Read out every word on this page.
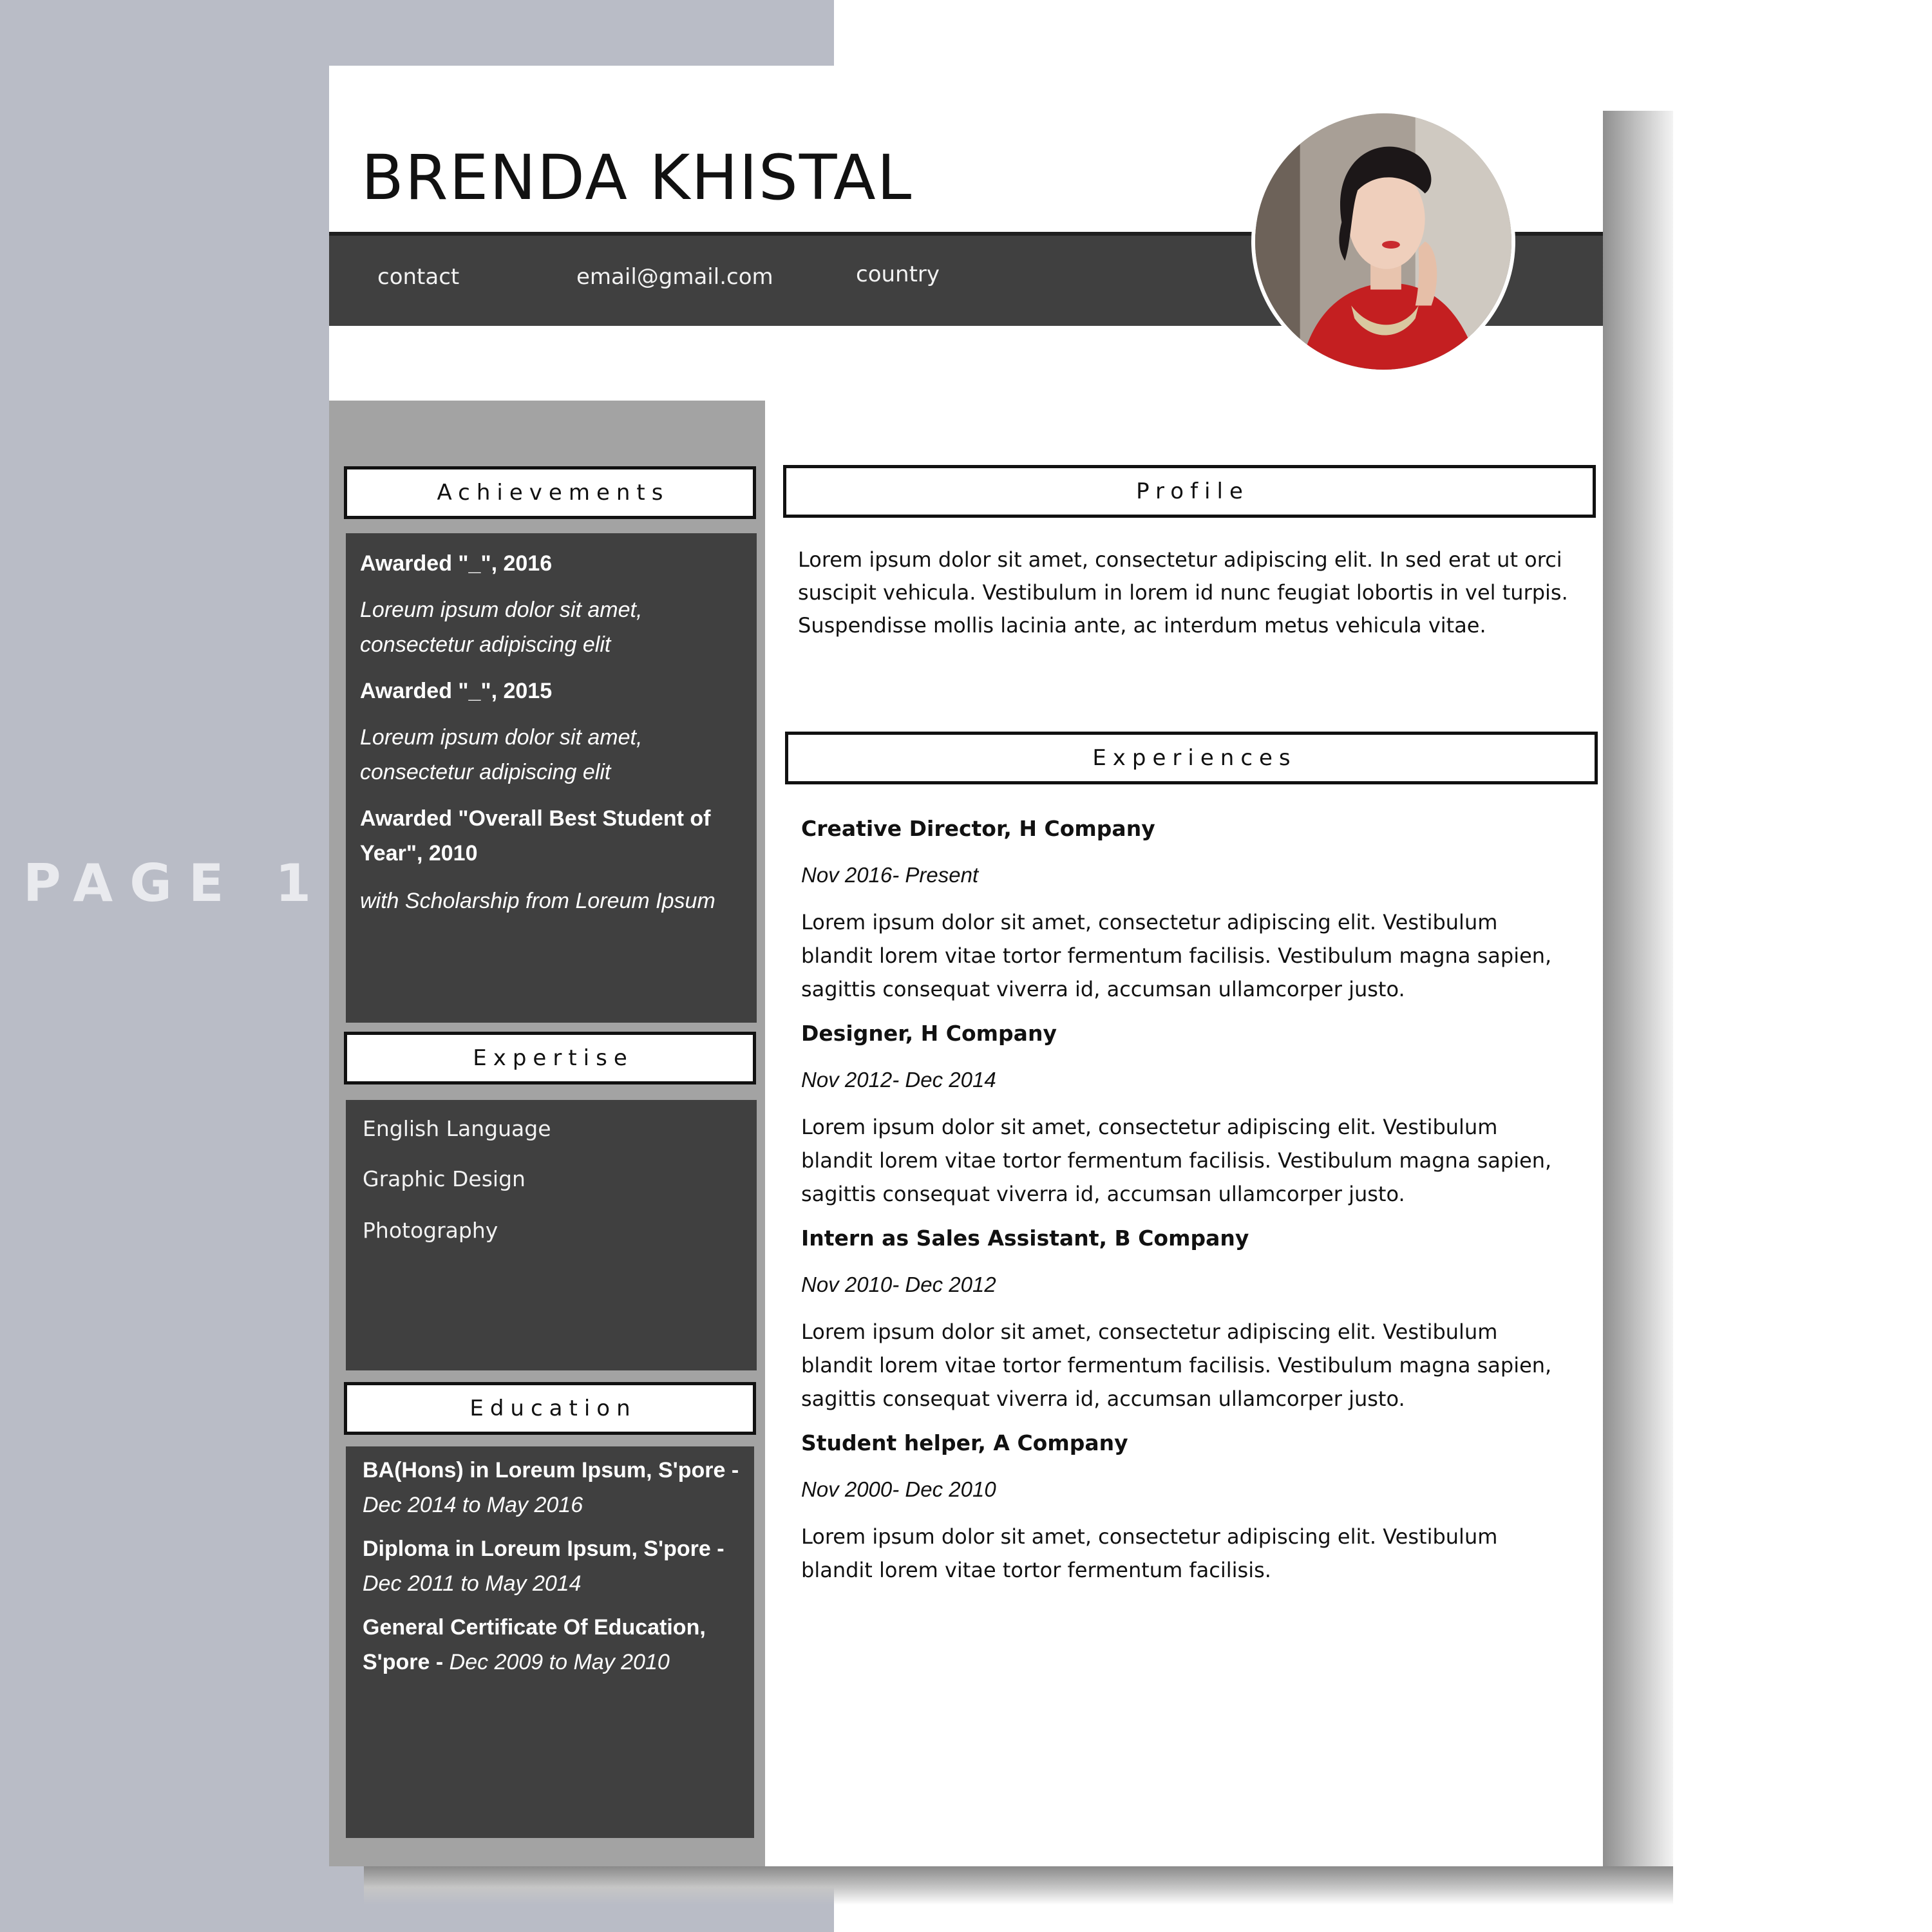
PAGE 1
BRENDA KHISTAL
contact	email@gmail.com	country
Achievements
Awarded "_", 2016
Loreum ipsum dolor sit amet, consectetur adipiscing elit
Awarded "_", 2015
Loreum ipsum dolor sit amet, consectetur adipiscing elit
Awarded "Overall Best Student of Year", 2010
with Scholarship from Loreum Ipsum
Expertise
English Language
Graphic Design
Photography
Education
BA(Hons) in Loreum Ipsum, S'pore - Dec 2014 to May 2016
Diploma in Loreum Ipsum, S'pore - Dec 2011 to May 2014
General Certificate Of Education, S'pore - Dec 2009 to May 2010
Profile
Lorem ipsum dolor sit amet, consectetur adipiscing elit. In sed erat ut orci suscipit vehicula. Vestibulum in lorem id nunc feugiat lobortis in vel turpis. Suspendisse mollis lacinia ante, ac interdum metus vehicula vitae.
Experiences
Creative Director, H Company
Nov 2016- Present
Lorem ipsum dolor sit amet, consectetur adipiscing elit. Vestibulum blandit lorem vitae tortor fermentum facilisis. Vestibulum magna sapien, sagittis consequat viverra id, accumsan ullamcorper justo.
Designer, H Company
Nov 2012- Dec 2014
Lorem ipsum dolor sit amet, consectetur adipiscing elit. Vestibulum blandit lorem vitae tortor fermentum facilisis. Vestibulum magna sapien, sagittis consequat viverra id, accumsan ullamcorper justo.
Intern as Sales Assistant, B Company
Nov 2010- Dec 2012
Lorem ipsum dolor sit amet, consectetur adipiscing elit. Vestibulum blandit lorem vitae tortor fermentum facilisis. Vestibulum magna sapien, sagittis consequat viverra id, accumsan ullamcorper justo.
Student helper, A Company
Nov 2000- Dec 2010
Lorem ipsum dolor sit amet, consectetur adipiscing elit. Vestibulum blandit lorem vitae tortor fermentum facilisis.
